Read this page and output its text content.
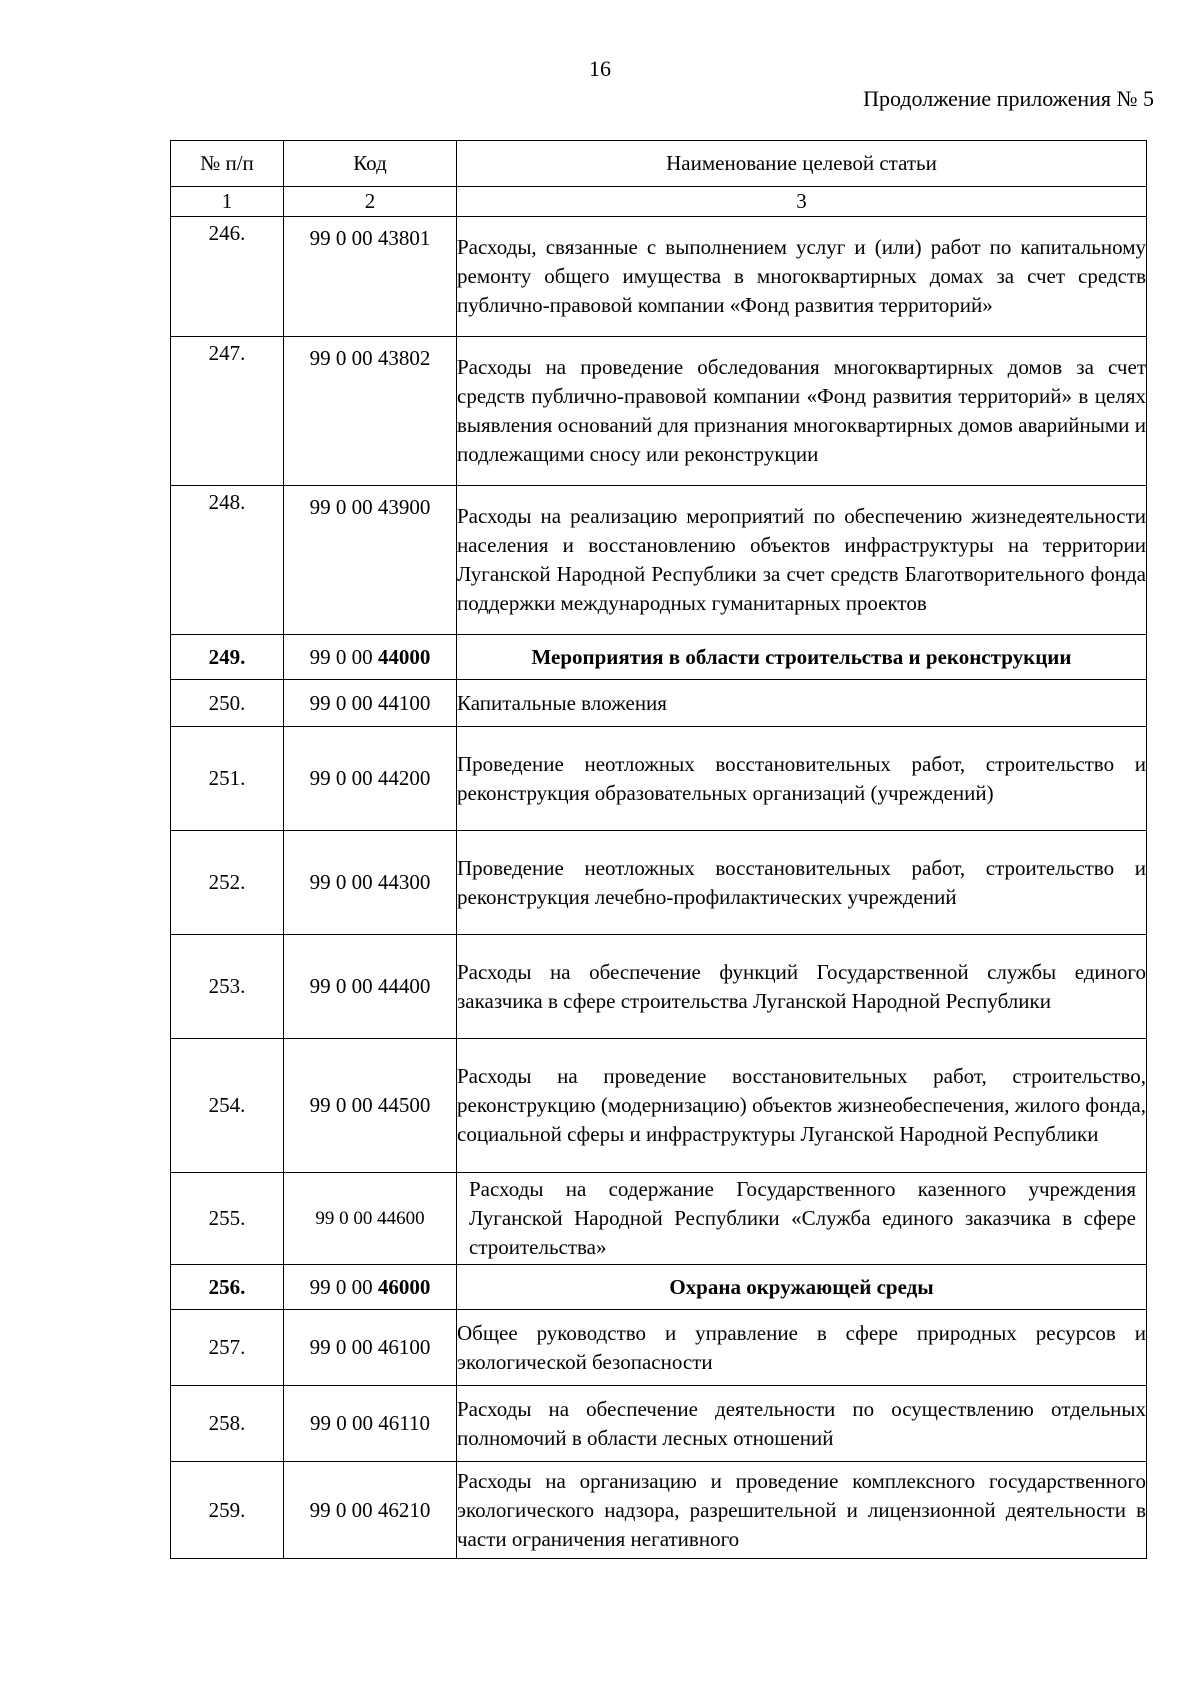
16
Продолжение приложения № 5
№ п/п	Код	Наименование целевой статьи
1	2	3
246.	99 0 00 43801	Расходы, связанные с выполнением услуг и (или) работ по капитальному ремонту общего имущества в многоквартирных домах за счет средств публично-правовой компании «Фонд развития территорий»
247.	99 0 00 43802	Расходы на проведение обследования многоквартирных домов за счет средств публично-правовой компании «Фонд развития территорий» в целях выявления оснований для признания многоквартирных домов аварийными и подлежащими сносу или реконструкции
248.	99 0 00 43900	Расходы на реализацию мероприятий по обеспечению жизнедеятельности населения и восстановлению объектов инфраструктуры на территории Луганской Народной Республики за счет средств Благотворительного фонда поддержки международных гуманитарных проектов
249.	99 0 00 44000	Мероприятия в области строительства и реконструкции
250.	99 0 00 44100	Капитальные вложения
251.	99 0 00 44200	Проведение неотложных восстановительных работ, строительство и реконструкция образовательных организаций (учреждений)
252.	99 0 00 44300	Проведение неотложных восстановительных работ, строительство и реконструкция лечебно-профилактических учреждений
253.	99 0 00 44400	Расходы на обеспечение функций Государственной службы единого заказчика в сфере строительства Луганской Народной Республики
254.	99 0 00 44500	Расходы на проведение восстановительных работ, строительство, реконструкцию (модернизацию) объектов жизнеобеспечения, жилого фонда, социальной сферы и инфраструктуры Луганской Народной Республики
255.	99 0 00 44600	Расходы на содержание Государственного казенного учреждения Луганской Народной Республики «Служба единого заказчика в сфере строительства»
256.	99 0 00 46000	Охрана окружающей среды
257.	99 0 00 46100	Общее руководство и управление в сфере природных ресурсов и экологической безопасности
258.	99 0 00 46110	Расходы на обеспечение деятельности по осуществлению отдельных полномочий в области лесных отношений
259.	99 0 00 46210	Расходы на организацию и проведение комплексного государственного экологического надзора, разрешительной и лицензионной деятельности в части ограничения негативного
